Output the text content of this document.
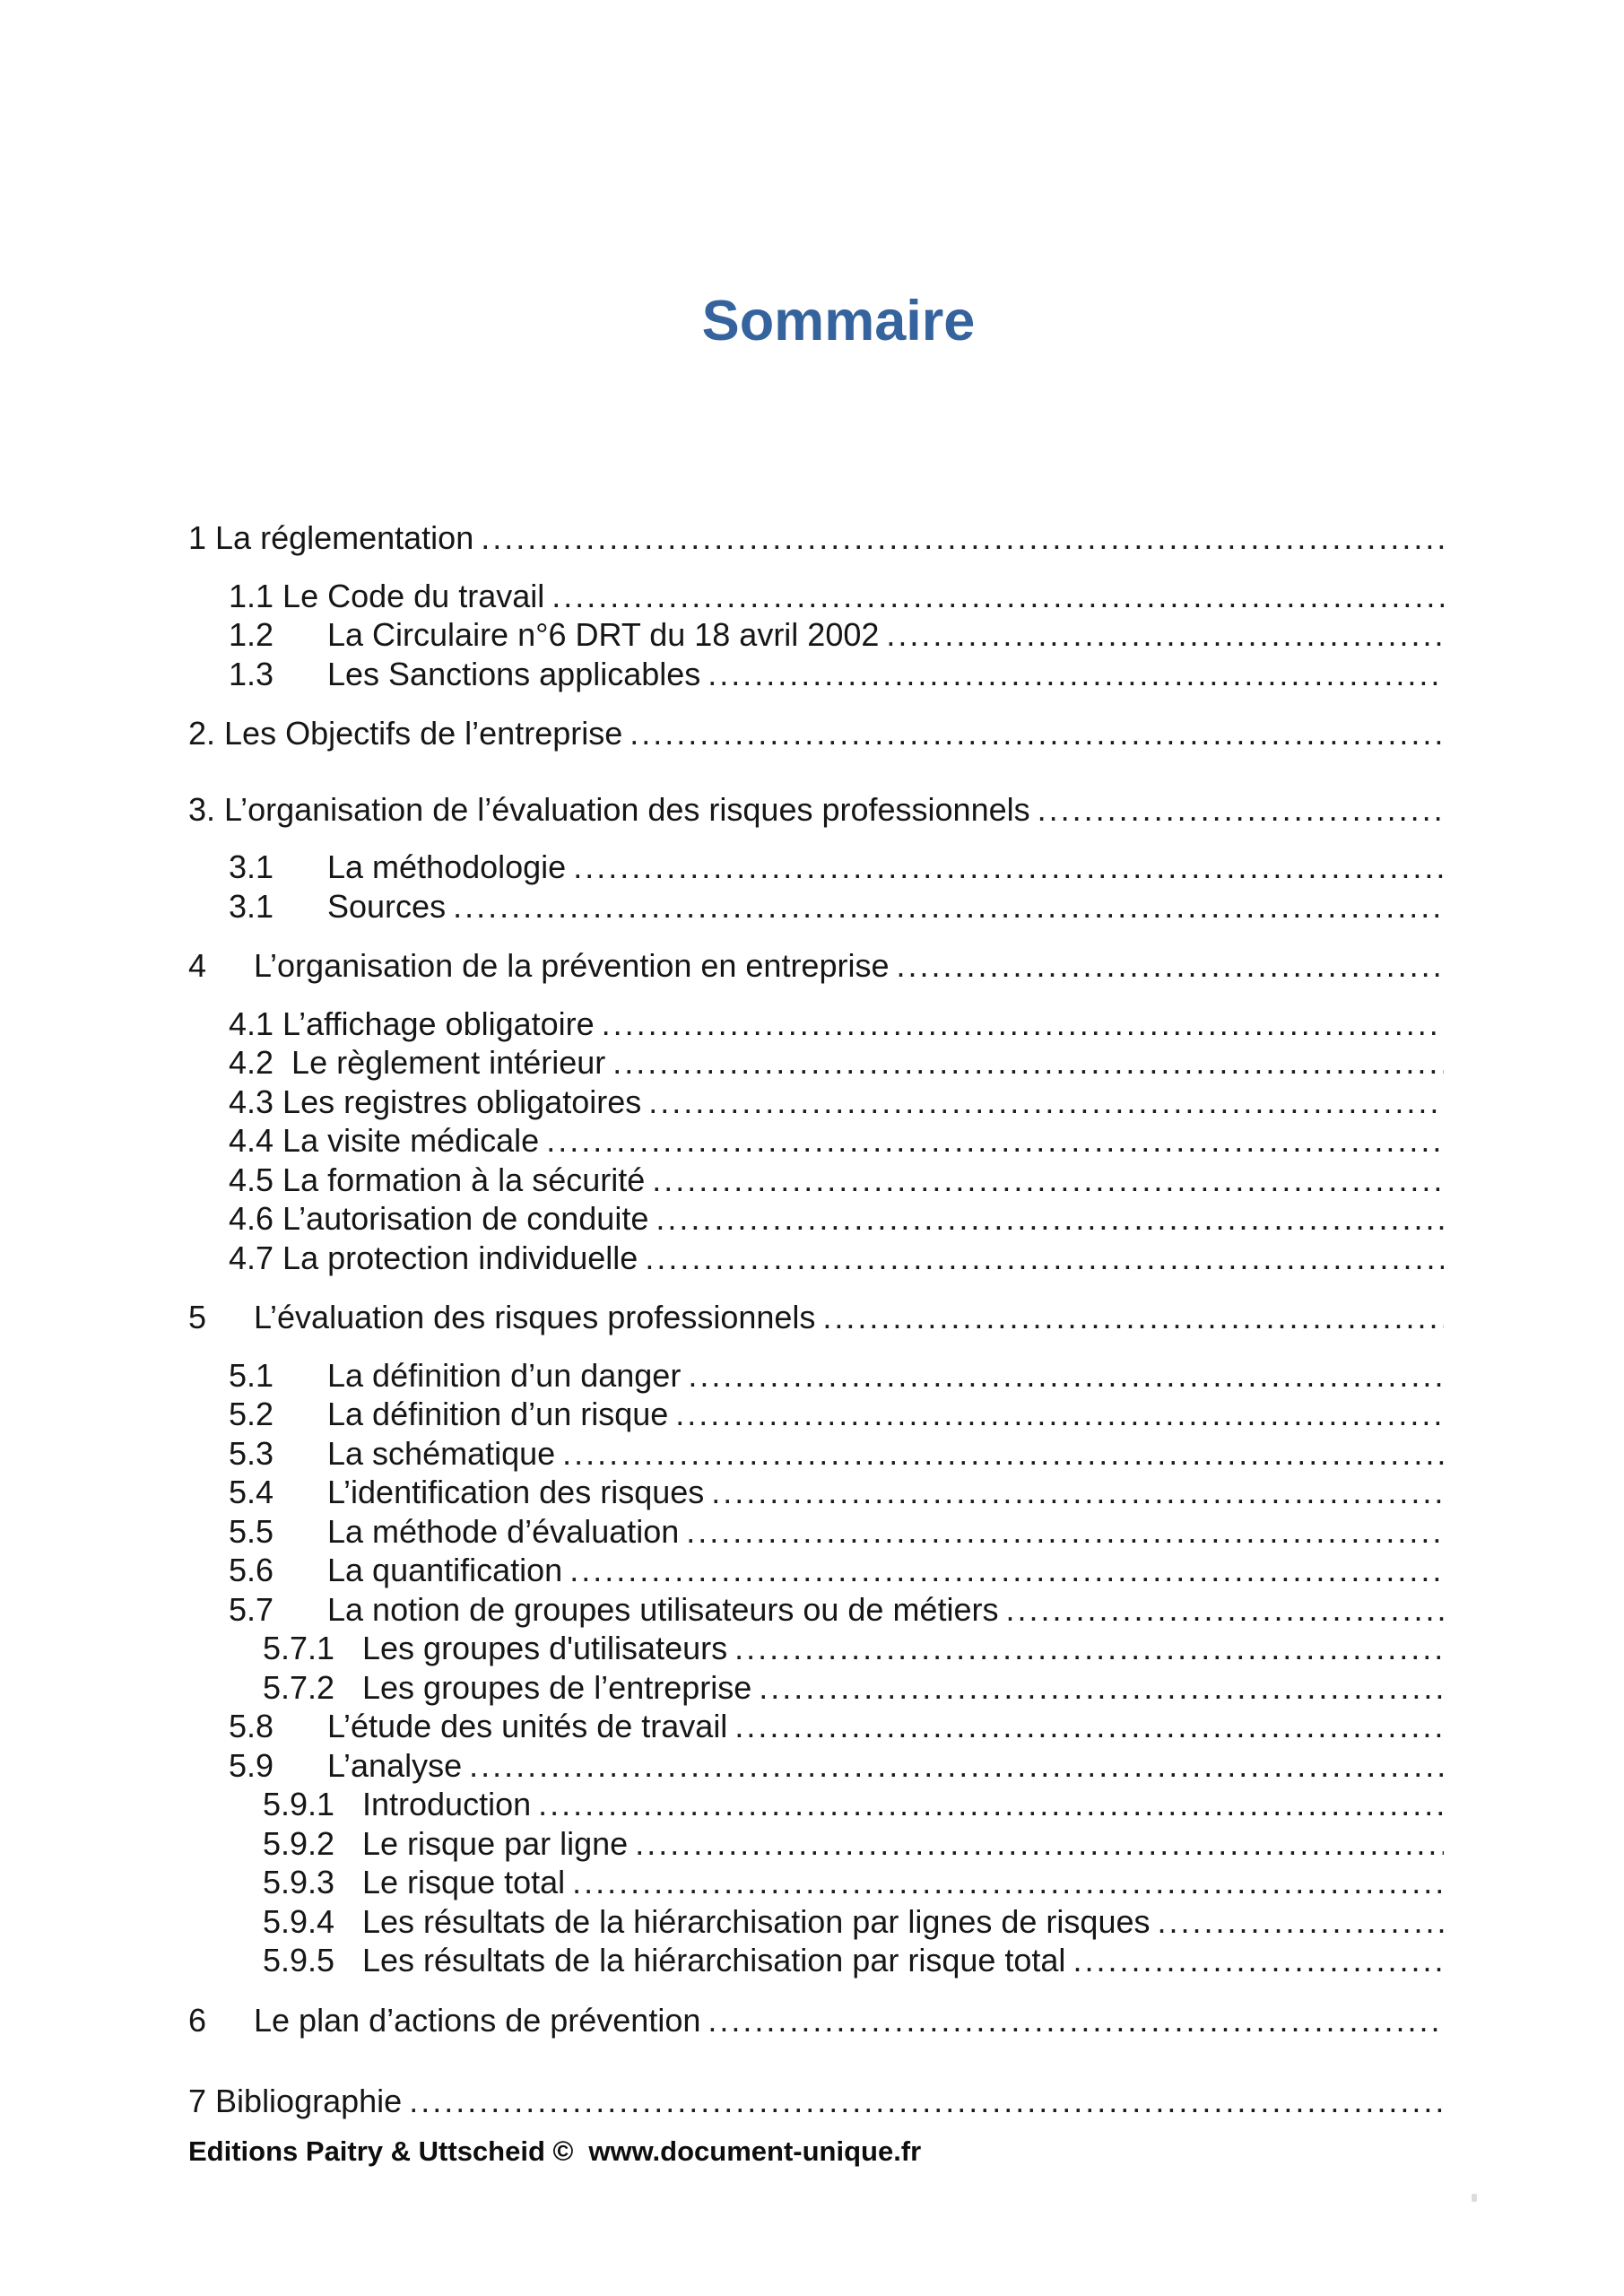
Sommaire
1 La réglementation
.....
1.1 Le Code du travail
.....
1.2	La Circulaire n°6 DRT du 18 avril 2002
.....
1.3	Les Sanctions applicables
.....
2. Les Objectifs de l’entreprise
.....
3. L’organisation de l’évaluation des risques professionnels
.....
3.1	La méthodologie
.....
3.1	Sources
.....
4	L’organisation de la prévention en entreprise
.....
4.1 L’affichage obligatoire
.....
4.2 Le règlement intérieur
.....
4.3 Les registres obligatoires
.....
4.4 La visite médicale
.....
4.5 La formation à la sécurité
.....
4.6 L’autorisation de conduite
.....
4.7 La protection individuelle
.....
5	L’évaluation des risques professionnels
.....
5.1	La définition d’un danger
.....
5.2	La définition d’un risque
.....
5.3	La schématique
.....
5.4	L’identification des risques
.....
5.5	La méthode d’évaluation
.....
5.6	La quantification
.....
5.7	La notion de groupes utilisateurs ou de métiers
.....
5.7.1 Les groupes d'utilisateurs
.....
5.7.2 Les groupes de l’entreprise
.....
5.8	L’étude des unités de travail
.....
5.9	L’analyse
.....
5.9.1 Introduction
.....
5.9.2 Le risque par ligne
.....
5.9.3 Le risque total
.....
5.9.4 Les résultats de la hiérarchisation par lignes de risques
.....
5.9.5 Les résultats de la hiérarchisation par risque total
.....
6	Le plan d’actions de prévention
.....
7 Bibliographie
.....
Editions Paitry & Uttscheid © www.document-unique.fr
